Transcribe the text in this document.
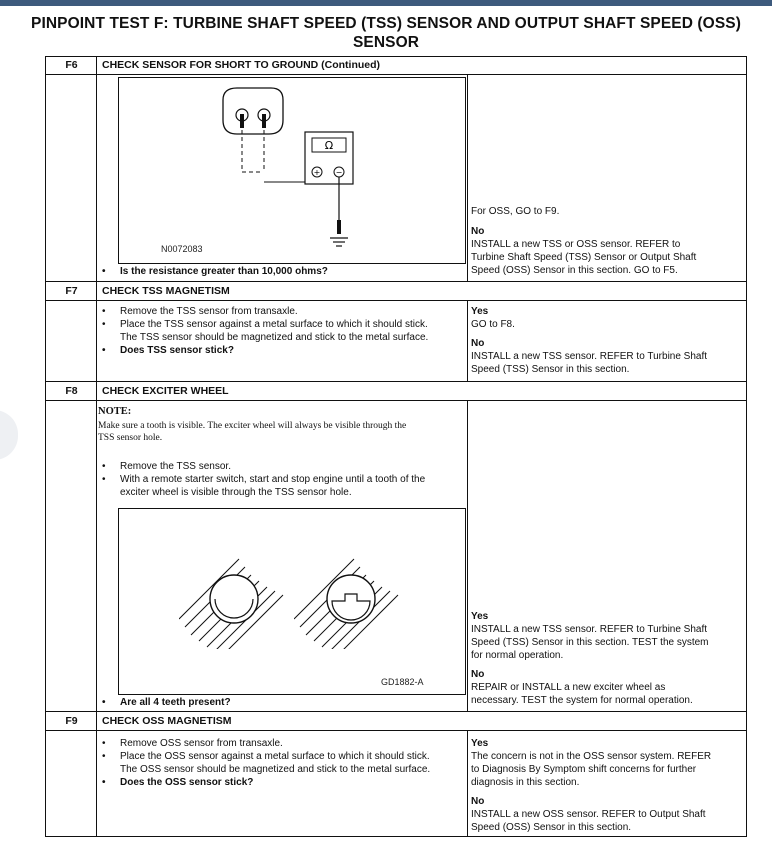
PINPOINT TEST F: TURBINE SHAFT SPEED (TSS) SENSOR AND OUTPUT SHAFT SPEED (OSS)
SENSOR
F6	CHECK SENSOR FOR SHORT TO GROUND (Continued)
Ω
+ −
N0072083
• Is the resistance greater than 10,000 ohms?
For OSS, GO to F9.
No
INSTALL a new TSS or OSS sensor. REFER to
Turbine Shaft Speed (TSS) Sensor or Output Shaft
Speed (OSS) Sensor in this section. GO to F5.
F7	CHECK TSS MAGNETISM
• Remove the TSS sensor from transaxle.
• Place the TSS sensor against a metal surface to which it should stick.
The TSS sensor should be magnetized and stick to the metal surface.
• Does TSS sensor stick?
Yes
GO to F8.
No
INSTALL a new TSS sensor. REFER to Turbine Shaft
Speed (TSS) Sensor in this section.
F8	CHECK EXCITER WHEEL
NOTE:
Make sure a tooth is visible. The exciter wheel will always be visible through the
TSS sensor hole.
• Remove the TSS sensor.
• With a remote starter switch, start and stop engine until a tooth of the
exciter wheel is visible through the TSS sensor hole.
GD1882-A
• Are all 4 teeth present?
Yes
INSTALL a new TSS sensor. REFER to Turbine Shaft
Speed (TSS) Sensor in this section. TEST the system
for normal operation.
No
REPAIR or INSTALL a new exciter wheel as
necessary. TEST the system for normal operation.
F9	CHECK OSS MAGNETISM
• Remove OSS sensor from transaxle.
• Place the OSS sensor against a metal surface to which it should stick.
The OSS sensor should be magnetized and stick to the metal surface.
• Does the OSS sensor stick?
Yes
The concern is not in the OSS sensor system. REFER
to Diagnosis By Symptom shift concerns for further
diagnosis in this section.
No
INSTALL a new OSS sensor. REFER to Output Shaft
Speed (OSS) Sensor in this section.
